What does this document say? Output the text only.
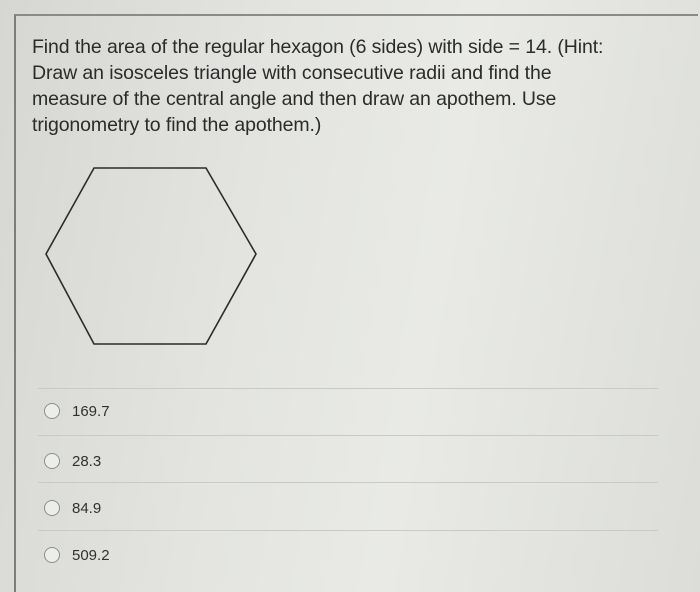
Find the area of the regular hexagon (6 sides) with side = 14. (Hint:
Draw an isosceles triangle with consecutive radii and find the
measure of the central angle and then draw an apothem. Use
trigonometry to find the apothem.)
169.7
28.3
84.9
509.2
